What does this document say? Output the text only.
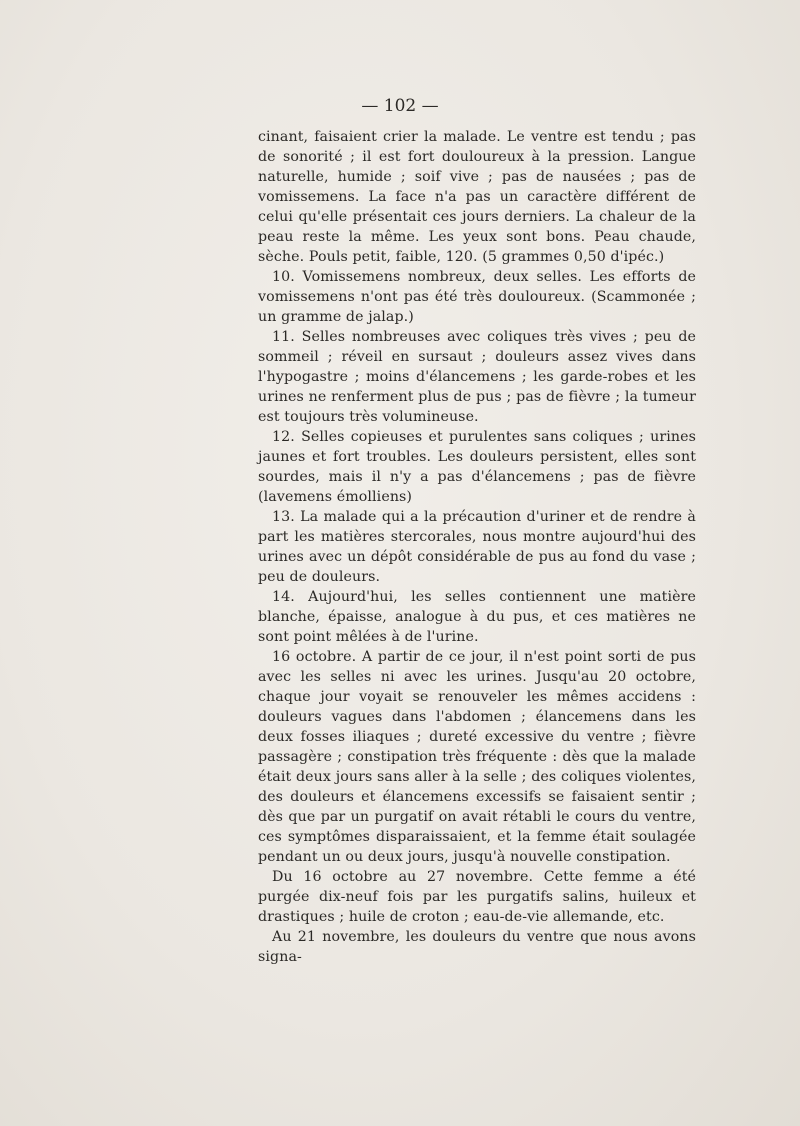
— 102 —

cinant, faisaient crier la malade. Le ventre est tendu ; pas de sonorité ; il est fort douloureux à la pression. Langue naturelle, humide ; soif vive ; pas de nausées ; pas de vomissemens. La face n'a pas un caractère différent de celui qu'elle présentait ces jours derniers. La chaleur de la peau reste la même. Les yeux sont bons. Peau chaude, sèche. Pouls petit, faible, 120. (5 grammes 0,50 d'ipéc.)

10. Vomissemens nombreux, deux selles. Les efforts de vomissemens n'ont pas été très douloureux. (Scammonée ; un gramme de jalap.)

11. Selles nombreuses avec coliques très vives ; peu de sommeil ; réveil en sursaut ; douleurs assez vives dans l'hypogastre ; moins d'élancemens ; les garde-robes et les urines ne renferment plus de pus ; pas de fièvre ; la tumeur est toujours très volumineuse.

12. Selles copieuses et purulentes sans coliques ; urines jaunes et fort troubles. Les douleurs persistent, elles sont sourdes, mais il n'y a pas d'élancemens ; pas de fièvre (lavemens émolliens)

13. La malade qui a la précaution d'uriner et de rendre à part les matières stercorales, nous montre aujourd'hui des urines avec un dépôt considérable de pus au fond du vase ; peu de douleurs.

14. Aujourd'hui, les selles contiennent une matière blanche, épaisse, analogue à du pus, et ces matières ne sont point mêlées à de l'urine.

16 octobre. A partir de ce jour, il n'est point sorti de pus avec les selles ni avec les urines. Jusqu'au 20 octobre, chaque jour voyait se renouveler les mêmes accidens : douleurs vagues dans l'abdomen ; élancemens dans les deux fosses iliaques ; dureté excessive du ventre ; fièvre passagère ; constipation très fréquente : dès que la malade était deux jours sans aller à la selle ; des coliques violentes, des douleurs et élancemens excessifs se faisaient sentir ; dès que par un purgatif on avait rétabli le cours du ventre, ces symptômes disparaissaient, et la femme était soulagée pendant un ou deux jours, jusqu'à nouvelle constipation.

Du 16 octobre au 27 novembre. Cette femme a été purgée dix-neuf fois par les purgatifs salins, huileux et drastiques ; huile de croton ; eau-de-vie allemande, etc.

Au 21 novembre, les douleurs du ventre que nous avons signa-
